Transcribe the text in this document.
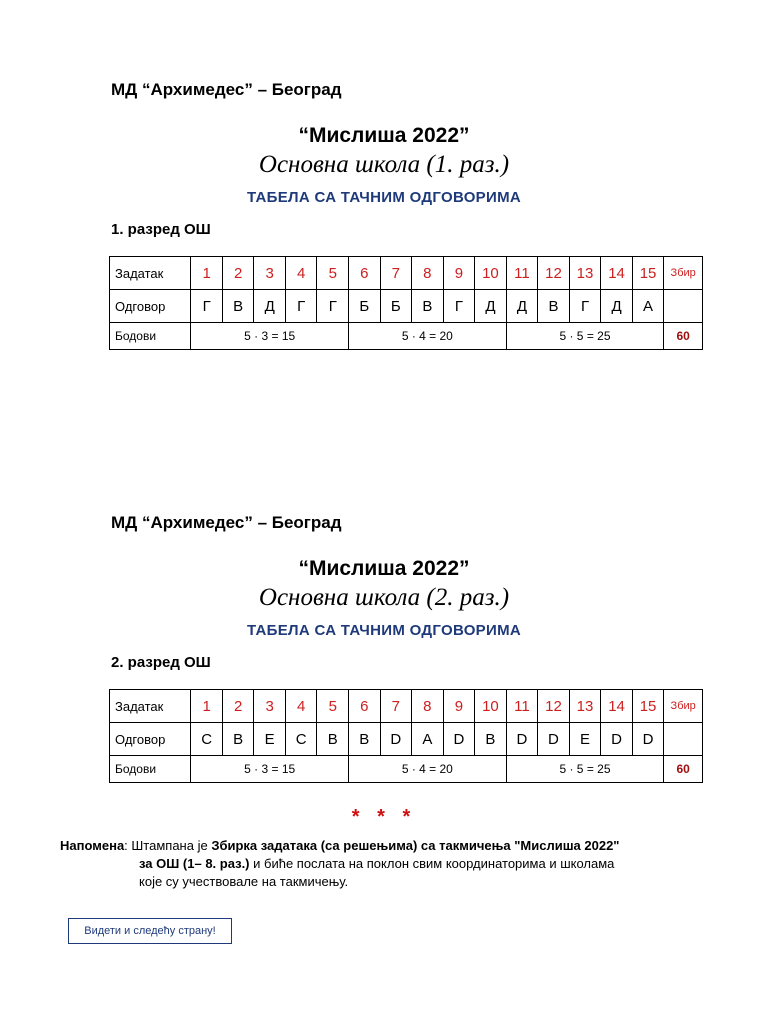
МД “Архимедес” – Београд
“Мислиша 2022”
Основна школа (1. раз.)
ТАБЕЛА СА ТАЧНИМ ОДГОВОРИМА
1. разред ОШ
Задатак	1	2	3	4	5	6	7	8	9	10	11	12	13	14	15	Збир
Одговор	Г	В	Д	Г	Г	Б	Б	В	Г	Д	Д	В	Г	Д	А	
Бодови	5 · 3 = 15					5 · 4 = 20					5 · 5 = 25					60
МД “Архимедес” – Београд
“Мислиша 2022”
Основна школа (2. раз.)
ТАБЕЛА СА ТАЧНИМ ОДГОВОРИМА
2. разред ОШ
Задатак	1	2	3	4	5	6	7	8	9	10	11	12	13	14	15	Збир
Одговор	С	В	Е	С	В	В	D	А	D	В	D	D	Е	D	D	
Бодови	5 · 3 = 15					5 · 4 = 20					5 · 5 = 25					60
* * *
Напомена: Штампана је Збирка задатака (са решењима) са такмичења "Мислиша 2022"
за ОШ (1– 8. раз.) и биће послата на поклон свим координаторима и школама
које су учествовале на такмичењу.
Видети и следећу страну!
